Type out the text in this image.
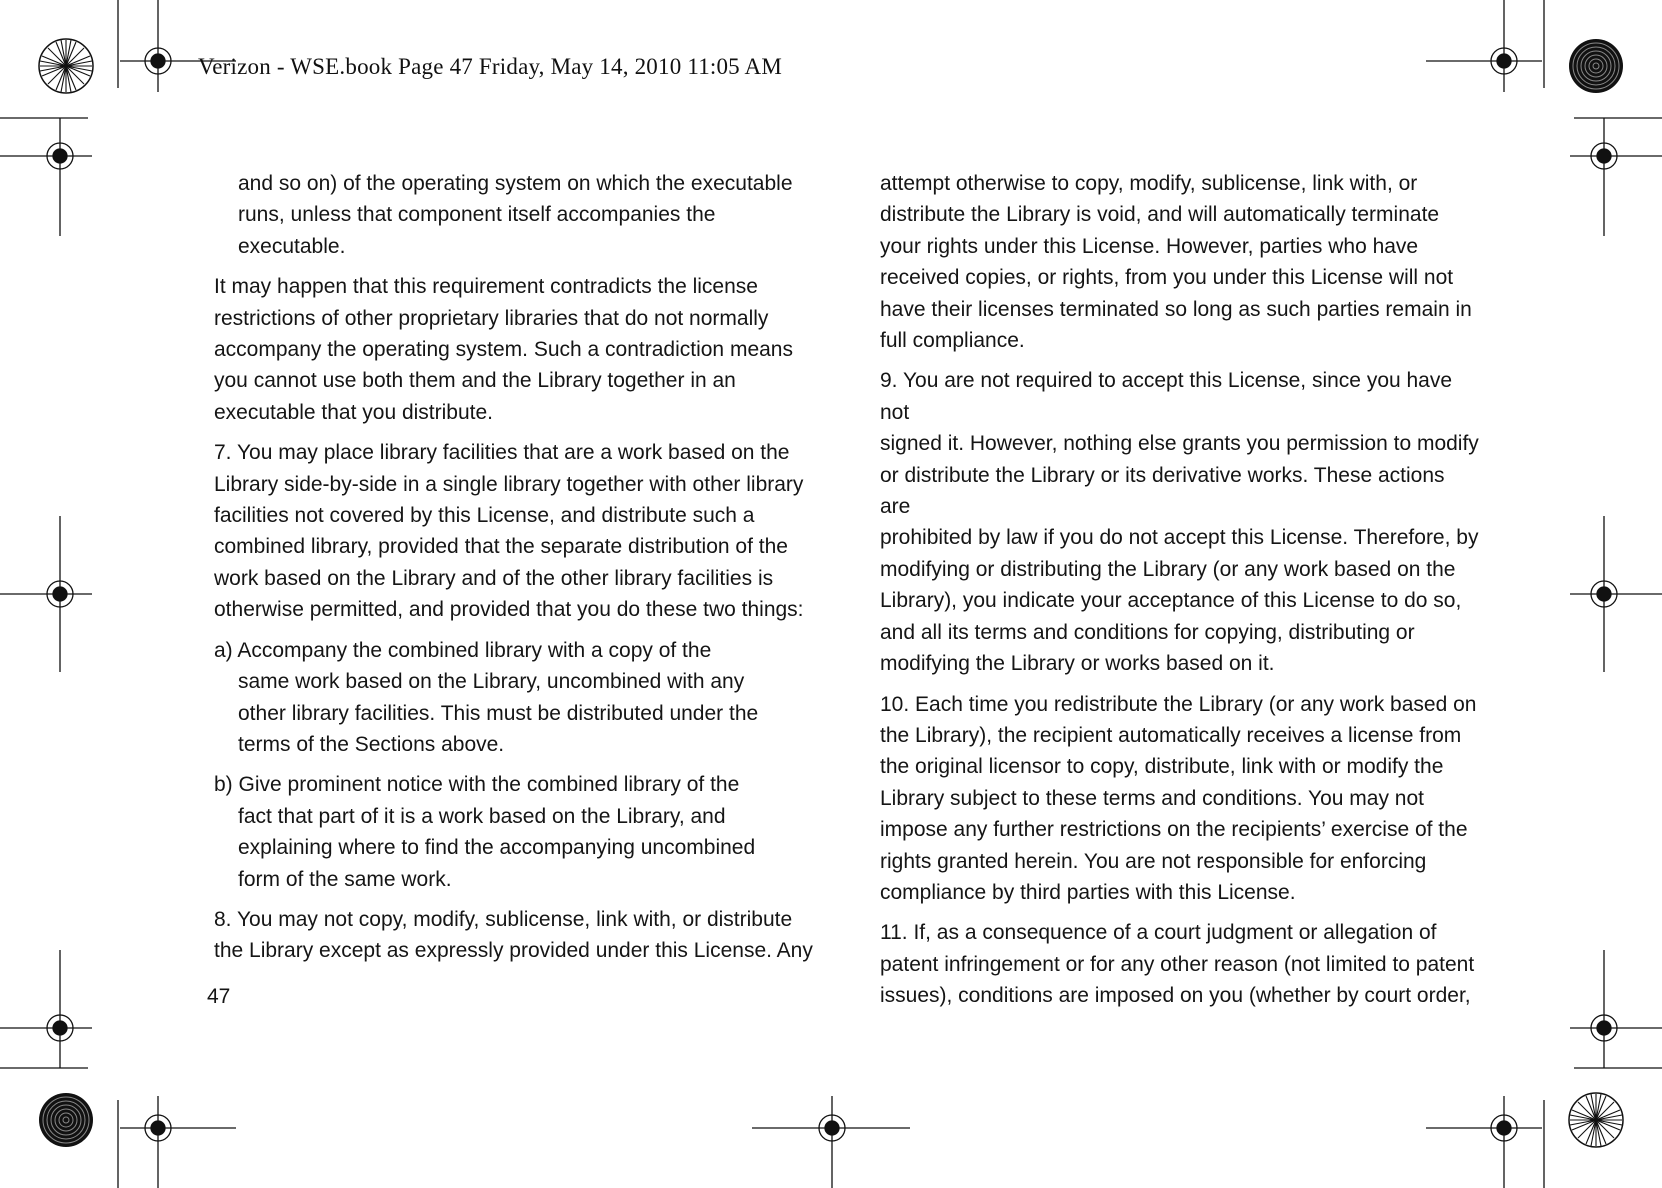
Verizon - WSE.book Page 47 Friday, May 14, 2010 11:05 AM

and so on) of the operating system on which the executable
runs, unless that component itself accompanies the
executable.

It may happen that this requirement contradicts the license
restrictions of other proprietary libraries that do not normally
accompany the operating system. Such a contradiction means
you cannot use both them and the Library together in an
executable that you distribute.

7. You may place library facilities that are a work based on the
Library side-by-side in a single library together with other library
facilities not covered by this License, and distribute such a
combined library, provided that the separate distribution of the
work based on the Library and of the other library facilities is
otherwise permitted, and provided that you do these two things:

a) Accompany the combined library with a copy of the
same work based on the Library, uncombined with any
other library facilities. This must be distributed under the
terms of the Sections above.

b) Give prominent notice with the combined library of the
fact that part of it is a work based on the Library, and
explaining where to find the accompanying uncombined
form of the same work.

8. You may not copy, modify, sublicense, link with, or distribute
the Library except as expressly provided under this License. Any

attempt otherwise to copy, modify, sublicense, link with, or
distribute the Library is void, and will automatically terminate
your rights under this License. However, parties who have
received copies, or rights, from you under this License will not
have their licenses terminated so long as such parties remain in
full compliance.

9. You are not required to accept this License, since you have not
signed it. However, nothing else grants you permission to modify
or distribute the Library or its derivative works. These actions are
prohibited by law if you do not accept this License. Therefore, by
modifying or distributing the Library (or any work based on the
Library), you indicate your acceptance of this License to do so,
and all its terms and conditions for copying, distributing or
modifying the Library or works based on it.

10. Each time you redistribute the Library (or any work based on
the Library), the recipient automatically receives a license from
the original licensor to copy, distribute, link with or modify the
Library subject to these terms and conditions. You may not
impose any further restrictions on the recipients’ exercise of the
rights granted herein. You are not responsible for enforcing
compliance by third parties with this License.

11. If, as a consequence of a court judgment or allegation of
patent infringement or for any other reason (not limited to patent
issues), conditions are imposed on you (whether by court order,

47
